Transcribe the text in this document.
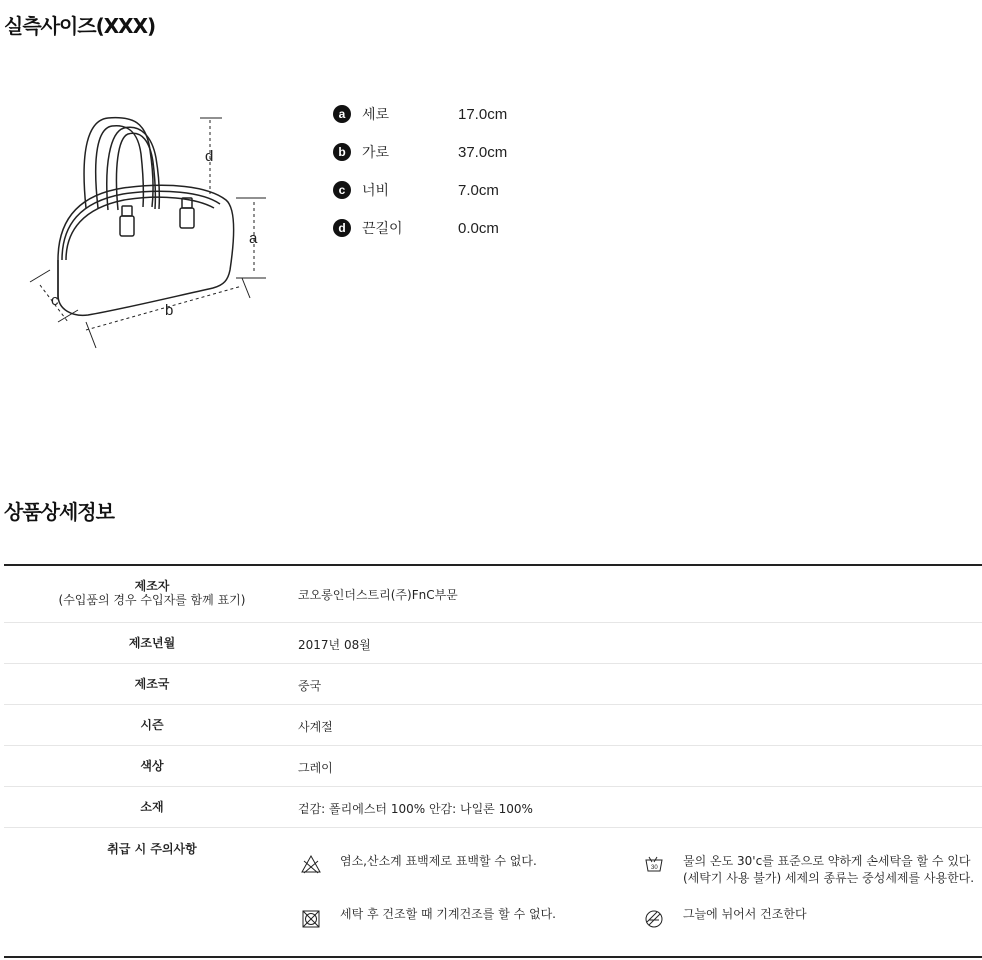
실측사이즈(XXX)
d
a
c
b
a	세로	17.0cm
b	가로	37.0cm
c	너비	7.0cm
d	끈길이	0.0cm
상품상세정보
제조자
(수입품의 경우 수입자를 함께 표기)	코오롱인더스트리(주)FnC부문
제조년월	2017년 08월
제조국	중국
시즌	사계절
색상	그레이
소재	겉감: 폴리에스터 100% 안감: 나일론 100%
취급 시 주의사항
염소,산소계 표백제로 표백할 수 없다.	30 물의 온도 30'c를 표준으로 약하게 손세탁을 할 수 있다(세탁기 사용 불가) 세제의 종류는 중성세제를 사용한다.
세탁 후 건조할 때 기계건조를 할 수 없다.	그늘에 뉘어서 건조한다
